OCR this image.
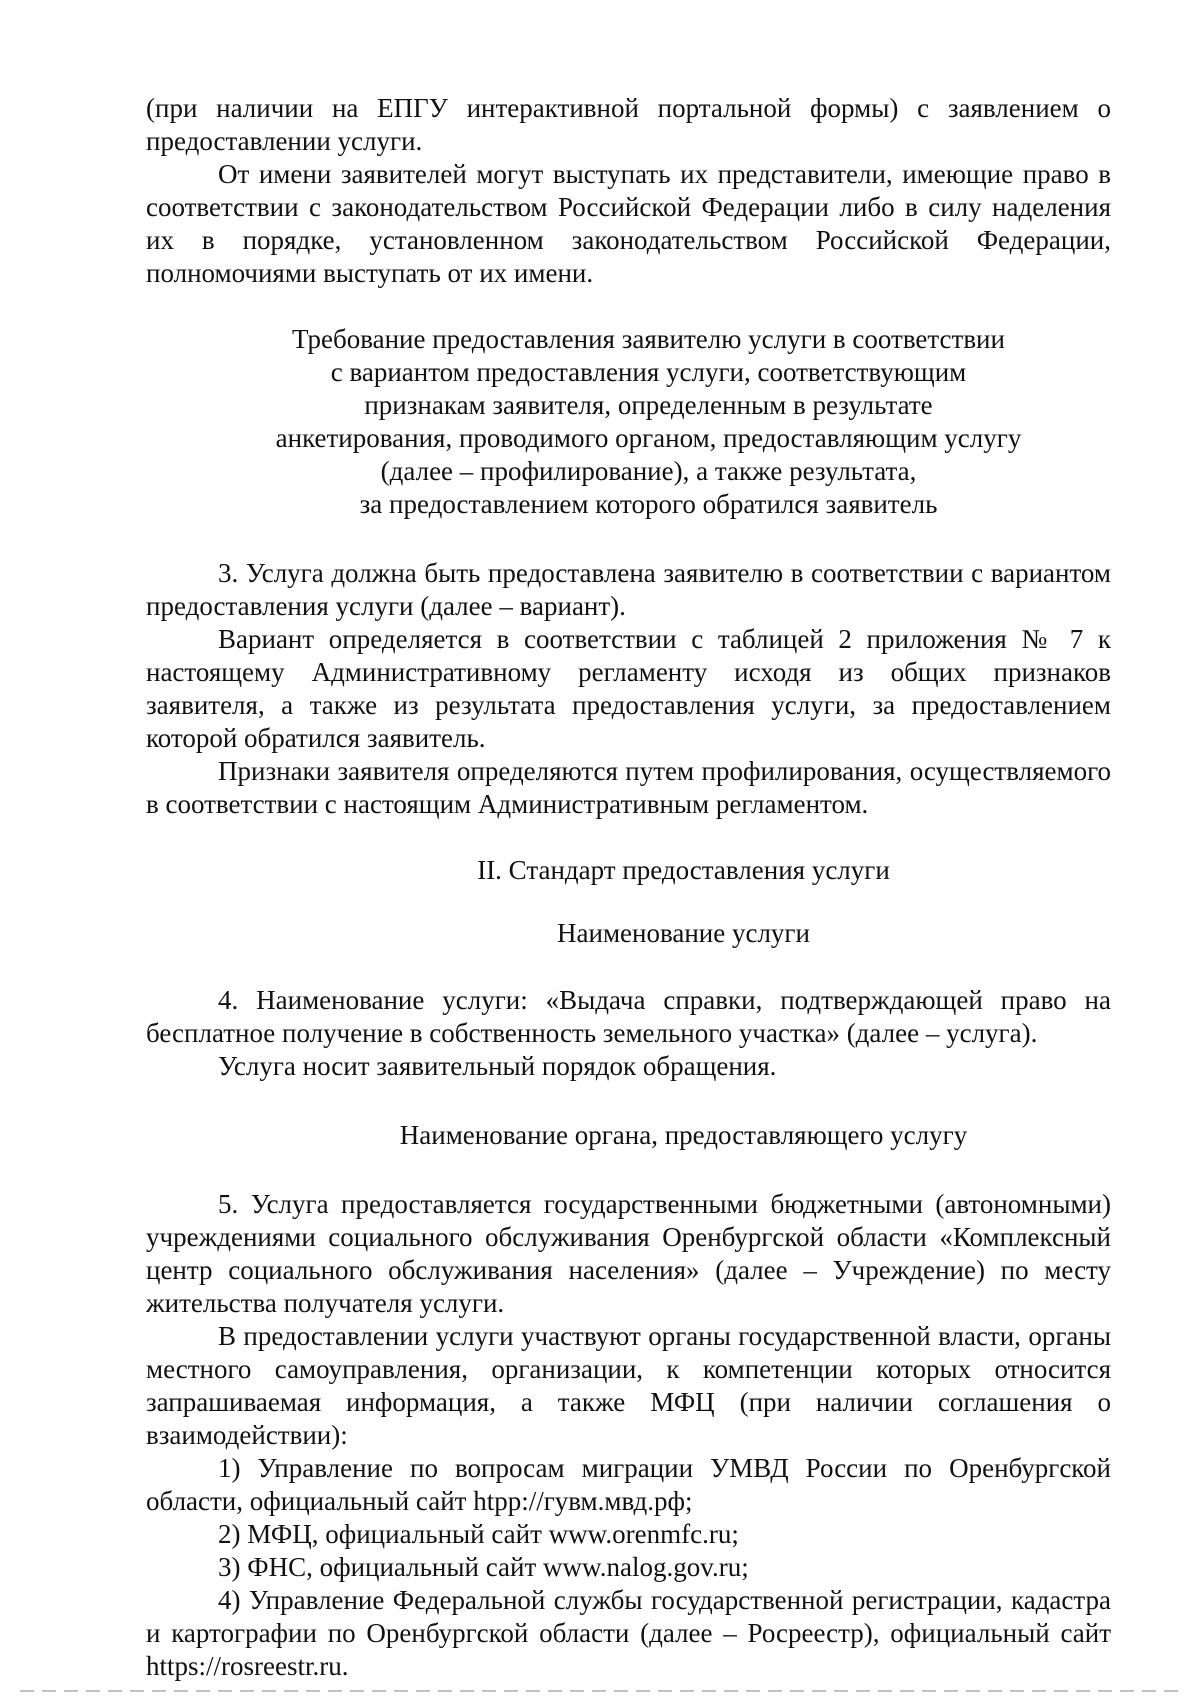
(при наличии на ЕПГУ интерактивной портальной формы) с заявлением о предоставлении услуги.

От имени заявителей могут выступать их представители, имеющие право в соответствии с законодательством Российской Федерации либо в силу наделения их в порядке, установленном законодательством Российской Федерации, полномочиями выступать от их имени.

Требование предоставления заявителю услуги в соответствии

с вариантом предоставления услуги, соответствующим

признакам заявителя, определенным в результате

анкетирования, проводимого органом, предоставляющим услугу

(далее – профилирование), а также результата,

за предоставлением которого обратился заявитель

3. Услуга должна быть предоставлена заявителю в соответствии с вариантом предоставления услуги (далее – вариант).

Вариант определяется в соответствии с таблицей 2 приложения № 7 к настоящему Административному регламенту исходя из общих признаков заявителя, а также из результата предоставления услуги, за предоставлением которой обратился заявитель.

Признаки заявителя определяются путем профилирования, осуществляемого в соответствии с настоящим Административным регламентом.

II. Стандарт предоставления услуги

Наименование услуги

4. Наименование услуги: «Выдача справки, подтверждающей право на бесплатное получение в собственность земельного участка» (далее – услуга).

Услуга носит заявительный порядок обращения.

Наименование органа, предоставляющего услугу

5. Услуга предоставляется государственными бюджетными (автономными) учреждениями социального обслуживания Оренбургской области «Комплексный центр социального обслуживания населения» (далее – Учреждение) по месту жительства получателя услуги.

В предоставлении услуги участвуют органы государственной власти, органы местного самоуправления, организации, к компетенции которых относится запрашиваемая информация, а также МФЦ (при наличии соглашения о взаимодействии):

1) Управление по вопросам миграции УМВД России по Оренбургской области, официальный сайт htpp://гувм.мвд.рф;

2) МФЦ, официальный сайт www.orenmfc.ru;

3) ФНС, официальный сайт www.nalog.gov.ru;

4) Управление Федеральной службы государственной регистрации, кадастра и картографии по Оренбургской области (далее – Росреестр), официальный сайт https://rosreestr.ru.
